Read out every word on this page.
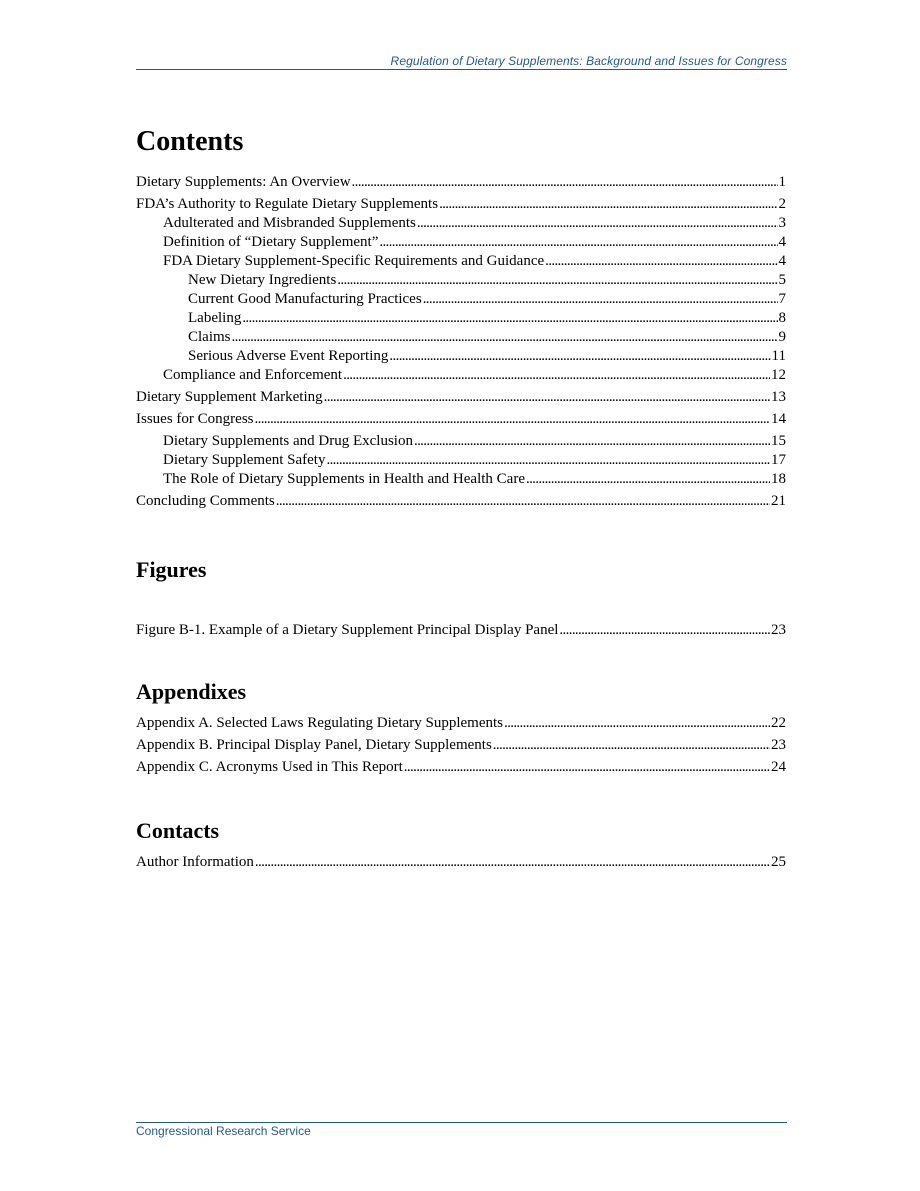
Regulation of Dietary Supplements: Background and Issues for Congress
Contents
Dietary Supplements: An Overview . . .	1
FDA’s Authority to Regulate Dietary Supplements . . .	2
Adulterated and Misbranded Supplements . . .	3
Definition of “Dietary Supplement” . . .	4
FDA Dietary Supplement-Specific Requirements and Guidance . . .	4
New Dietary Ingredients . . .	5
Current Good Manufacturing Practices . . .	7
Labeling . . .	8
Claims . . .	9
Serious Adverse Event Reporting . . .	11
Compliance and Enforcement . . .	12
Dietary Supplement Marketing . . .	13
Issues for Congress . . .	14
Dietary Supplements and Drug Exclusion . . .	15
Dietary Supplement Safety . . .	17
The Role of Dietary Supplements in Health and Health Care . . .	18
Concluding Comments . . .	21
Figures
Figure B-1. Example of a Dietary Supplement Principal Display Panel . . .	23
Appendixes
Appendix A. Selected Laws Regulating Dietary Supplements . . .	22
Appendix B. Principal Display Panel, Dietary Supplements . . .	23
Appendix C. Acronyms Used in This Report . . .	24
Contacts
Author Information . . .	25
Congressional Research Service
